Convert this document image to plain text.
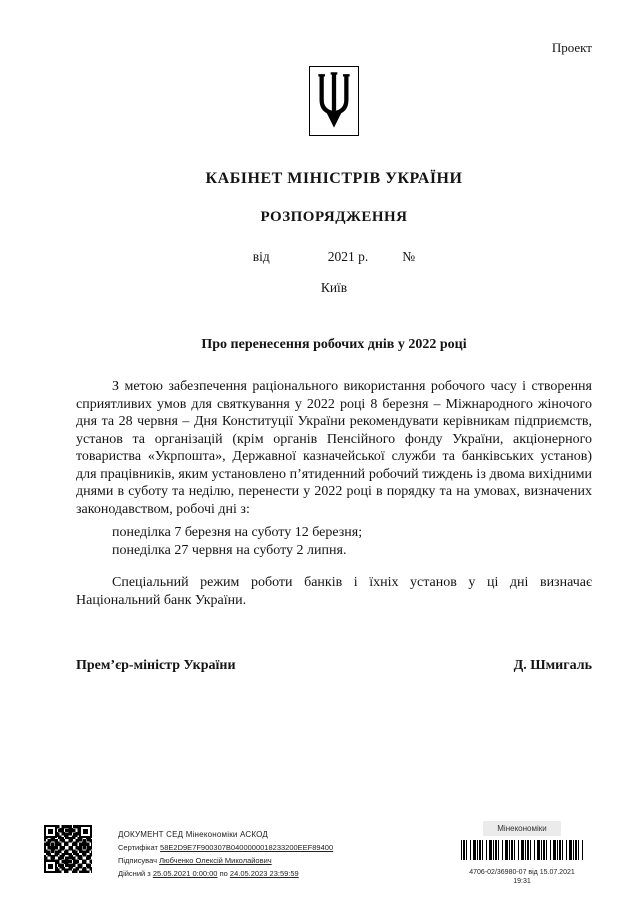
Проект
КАБІНЕТ МІНІСТРІВ УКРАЇНИ
РОЗПОРЯДЖЕННЯ
від	2021 р.	№
Київ
Про перенесення робочих днів у 2022 році

З метою забезпечення раціонального використання робочого часу і створення сприятливих умов для святкування у 2022 році 8 березня – Міжнародного жіночого дня та 28 червня – Дня Конституції України рекомендувати керівникам підприємств, установ та організацій (крім органів Пенсійного фонду України, акціонерного товариства «Укрпошта», Державної казначейської служби та банківських установ) для працівників, яким установлено п’ятиденний робочий тиждень із двома вихідними днями в суботу та неділю, перенести у 2022 році в порядку та на умовах, визначених законодавством, робочі дні з:

понеділка 7 березня на суботу 12 березня;
понеділка 27 червня на суботу 2 липня.

Спеціальний режим роботи банків і їхніх установ у ці дні визначає Національний банк України.

Прем’єр-міністр України	Д. Шмигаль
ДОКУМЕНТ СЕД Мінекономіки АСКОД
Сертифікат 58E2D9E7F900307B0400000018233200EEF89400
Підписувач Любченко Олексій Миколайович
Дійсний з 25.05.2021 0:00:00 по 24.05.2023 23:59:59
Мінекономіки
4706-02/36980-07 від 15.07.2021
19:31
